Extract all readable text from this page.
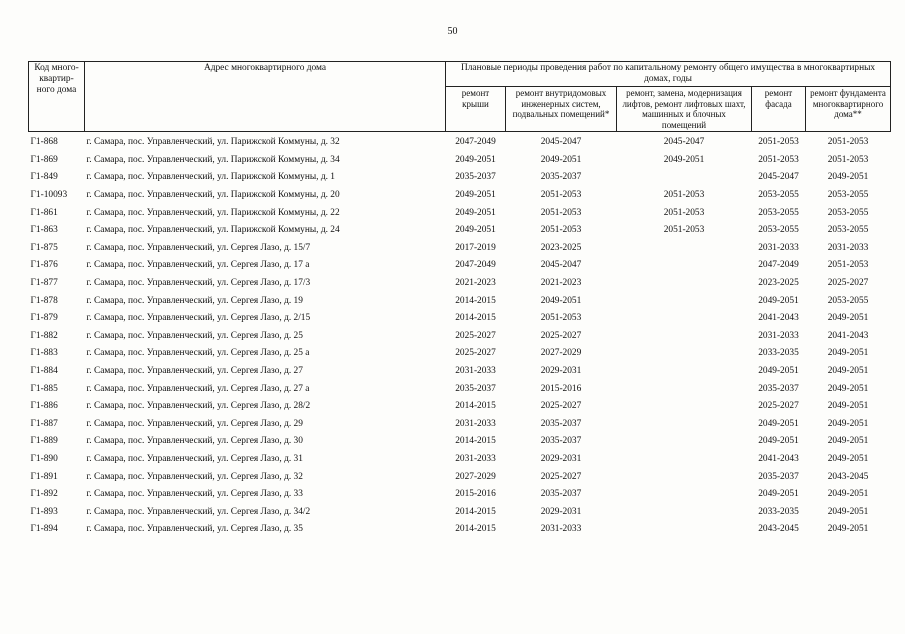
50
Код много-квартир-ного дома	Адрес многоквартирного дома	Плановые периоды проведения работ по капитальному ремонту общего имущества в многоквартирных домах, годы				
		ремонт крыши	ремонт внутридомовых инженерных систем, подвальных помещений*	ремонт, замена, модернизация лифтов, ремонт лифтовых шахт, машинных и блочных помещений	ремонт фасада	ремонт фундамента многоквартирного дома**
Г1-868	г. Самара, пос. Управленческий, ул. Парижской Коммуны, д. 32	2047-2049	2045-2047	2045-2047	2051-2053	2051-2053
Г1-869	г. Самара, пос. Управленческий, ул. Парижской Коммуны, д. 34	2049-2051	2049-2051	2049-2051	2051-2053	2051-2053
Г1-849	г. Самара, пос. Управленческий, ул. Парижской Коммуны, д. 1	2035-2037	2035-2037		2045-2047	2049-2051
Г1-10093	г. Самара, пос. Управленческий, ул. Парижской Коммуны, д. 20	2049-2051	2051-2053	2051-2053	2053-2055	2053-2055
Г1-861	г. Самара, пос. Управленческий, ул. Парижской Коммуны, д. 22	2049-2051	2051-2053	2051-2053	2053-2055	2053-2055
Г1-863	г. Самара, пос. Управленческий, ул. Парижской Коммуны, д. 24	2049-2051	2051-2053	2051-2053	2053-2055	2053-2055
Г1-875	г. Самара, пос. Управленческий, ул. Сергея Лазо, д. 15/7	2017-2019	2023-2025		2031-2033	2031-2033
Г1-876	г. Самара, пос. Управленческий, ул. Сергея Лазо, д. 17 а	2047-2049	2045-2047		2047-2049	2051-2053
Г1-877	г. Самара, пос. Управленческий, ул. Сергея Лазо, д. 17/3	2021-2023	2021-2023		2023-2025	2025-2027
Г1-878	г. Самара, пос. Управленческий, ул. Сергея Лазо, д. 19	2014-2015	2049-2051		2049-2051	2053-2055
Г1-879	г. Самара, пос. Управленческий, ул. Сергея Лазо, д. 2/15	2014-2015	2051-2053		2041-2043	2049-2051
Г1-882	г. Самара, пос. Управленческий, ул. Сергея Лазо, д. 25	2025-2027	2025-2027		2031-2033	2041-2043
Г1-883	г. Самара, пос. Управленческий, ул. Сергея Лазо, д. 25 а	2025-2027	2027-2029		2033-2035	2049-2051
Г1-884	г. Самара, пос. Управленческий, ул. Сергея Лазо, д. 27	2031-2033	2029-2031		2049-2051	2049-2051
Г1-885	г. Самара, пос. Управленческий, ул. Сергея Лазо, д. 27 а	2035-2037	2015-2016		2035-2037	2049-2051
Г1-886	г. Самара, пос. Управленческий, ул. Сергея Лазо, д. 28/2	2014-2015	2025-2027		2025-2027	2049-2051
Г1-887	г. Самара, пос. Управленческий, ул. Сергея Лазо, д. 29	2031-2033	2035-2037		2049-2051	2049-2051
Г1-889	г. Самара, пос. Управленческий, ул. Сергея Лазо, д. 30	2014-2015	2035-2037		2049-2051	2049-2051
Г1-890	г. Самара, пос. Управленческий, ул. Сергея Лазо, д. 31	2031-2033	2029-2031		2041-2043	2049-2051
Г1-891	г. Самара, пос. Управленческий, ул. Сергея Лазо, д. 32	2027-2029	2025-2027		2035-2037	2043-2045
Г1-892	г. Самара, пос. Управленческий, ул. Сергея Лазо, д. 33	2015-2016	2035-2037		2049-2051	2049-2051
Г1-893	г. Самара, пос. Управленческий, ул. Сергея Лазо, д. 34/2	2014-2015	2029-2031		2033-2035	2049-2051
Г1-894	г. Самара, пос. Управленческий, ул. Сергея Лазо, д. 35	2014-2015	2031-2033		2043-2045	2049-2051
